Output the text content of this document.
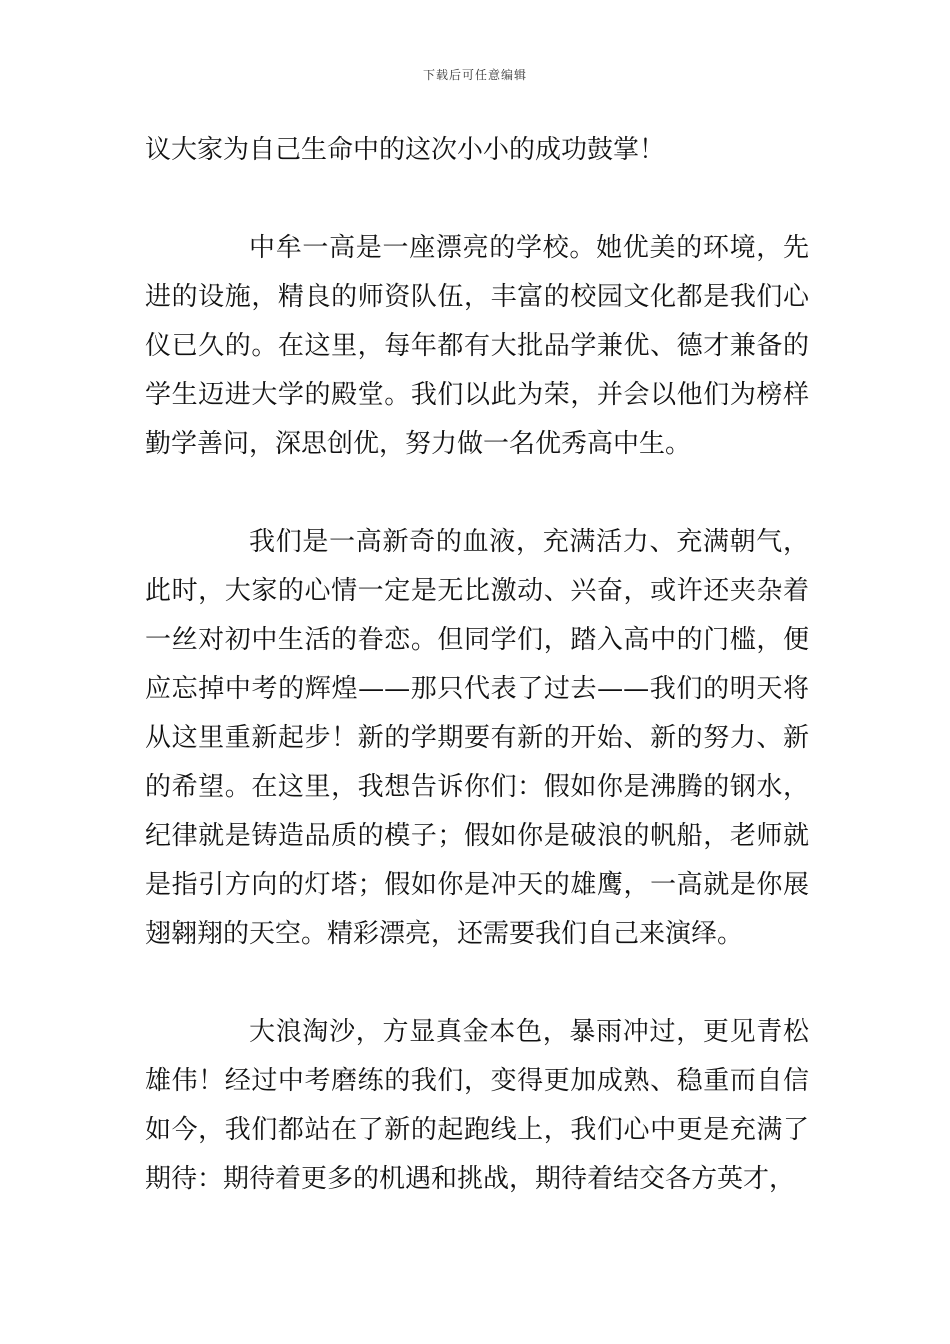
下载后可任意编辑

议大家为自己生命中的这次小小的成功鼓掌！

中牟一高是一座漂亮的学校。她优美的环境，先进的设施，精良的师资队伍，丰富的校园文化都是我们心仪已久的。在这里，每年都有大批品学兼优、德才兼备的学生迈进大学的殿堂。我们以此为荣，并会以他们为榜样勤学善问，深思创优，努力做一名优秀高中生。

我们是一高新奇的血液，充满活力、充满朝气，此时，大家的心情一定是无比激动、兴奋，或许还夹杂着一丝对初中生活的眷恋。但同学们，踏入高中的门槛，便应忘掉中考的辉煌——那只代表了过去——我们的明天将从这里重新起步！新的学期要有新的开始、新的努力、新的希望。在这里，我想告诉你们：假如你是沸腾的钢水，纪律就是铸造品质的模子；假如你是破浪的帆船，老师就是指引方向的灯塔；假如你是冲天的雄鹰，一高就是你展翅翱翔的天空。精彩漂亮，还需要我们自己来演绎。

大浪淘沙，方显真金本色，暴雨冲过，更见青松雄伟！经过中考磨练的我们，变得更加成熟、稳重而自信如今，我们都站在了新的起跑线上，我们心中更是充满了期待：期待着更多的机遇和挑战，期待着结交各方英才，
